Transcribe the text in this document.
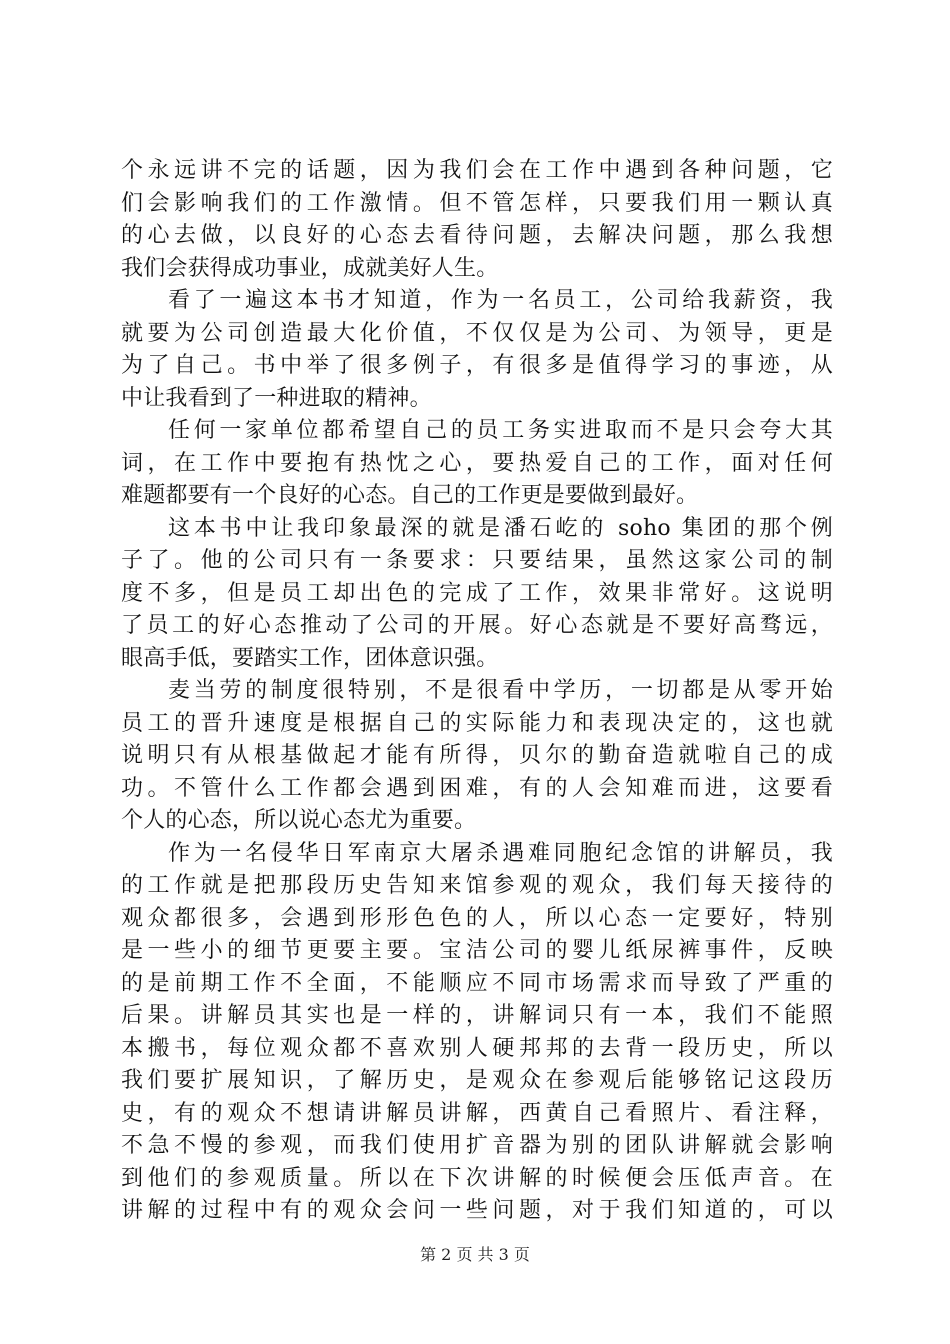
个永远讲不完的话题，因为我们会在工作中遇到各种问题，它
们会影响我们的工作激情。但不管怎样，只要我们用一颗认真
的心去做，以良好的心态去看待问题，去解决问题，那么我想
我们会获得成功事业，成就美好人生。
看了一遍这本书才知道，作为一名员工，公司给我薪资，我
就要为公司创造最大化价值，不仅仅是为公司、为领导，更是
为了自己。书中举了很多例子，有很多是值得学习的事迹，从
中让我看到了一种进取的精神。
任何一家单位都希望自己的员工务实进取而不是只会夸大其
词，在工作中要抱有热忱之心，要热爱自己的工作，面对任何
难题都要有一个良好的心态。自己的工作更是要做到最好。
这本书中让我印象最深的就是潘石屹的 soho 集团的那个例
子了。他的公司只有一条要求：只要结果，虽然这家公司的制
度不多，但是员工却出色的完成了工作，效果非常好。这说明
了员工的好心态推动了公司的开展。好心态就是不要好高骛远，
眼高手低，要踏实工作，团体意识强。
麦当劳的制度很特别，不是很看中学历，一切都是从零开始
员工的晋升速度是根据自己的实际能力和表现决定的，这也就
说明只有从根基做起才能有所得，贝尔的勤奋造就啦自己的成
功。不管什么工作都会遇到困难，有的人会知难而进，这要看
个人的心态，所以说心态尤为重要。
作为一名侵华日军南京大屠杀遇难同胞纪念馆的讲解员，我
的工作就是把那段历史告知来馆参观的观众，我们每天接待的
观众都很多，会遇到形形色色的人，所以心态一定要好，特别
是一些小的细节更要主要。宝洁公司的婴儿纸尿裤事件，反映
的是前期工作不全面，不能顺应不同市场需求而导致了严重的
后果。讲解员其实也是一样的，讲解词只有一本，我们不能照
本搬书，每位观众都不喜欢别人硬邦邦的去背一段历史，所以
我们要扩展知识，了解历史，是观众在参观后能够铭记这段历
史，有的观众不想请讲解员讲解，西黄自己看照片、看注释，
不急不慢的参观，而我们使用扩音器为别的团队讲解就会影响
到他们的参观质量。所以在下次讲解的时候便会压低声音。在
讲解的过程中有的观众会问一些问题，对于我们知道的，可以
第 2 页 共 3 页
